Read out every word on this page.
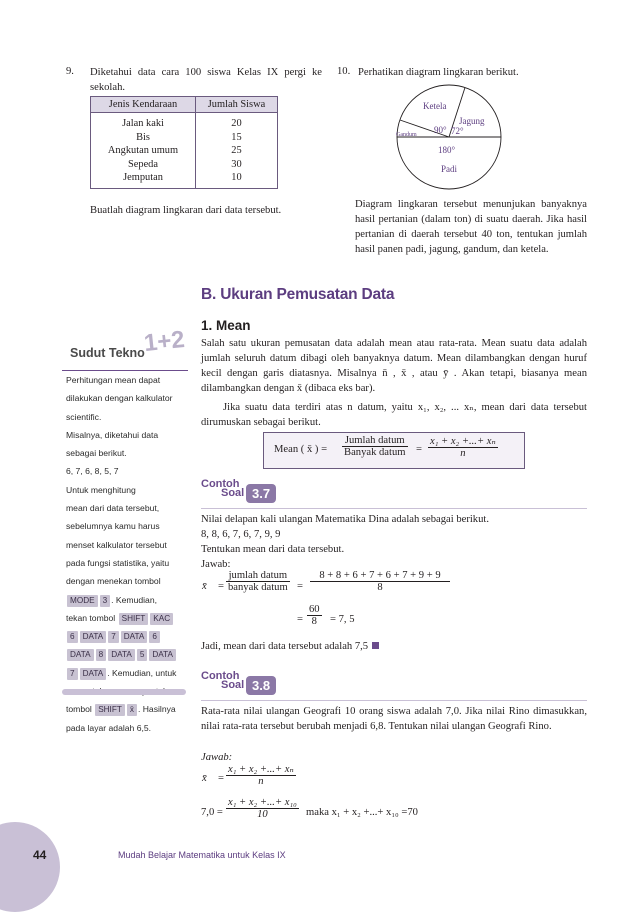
9. Diketahui data cara 100 siswa Kelas IX pergi ke sekolah.
Jenis Kendaraan	Jumlah Siswa
Jalan kaki	20
Bis	15
Angkutan umum	25
Sepeda	30
Jemputan	10
Buatlah diagram lingkaran dari data tersebut.
10. Perhatikan diagram lingkaran berikut.
Ketela
Jagung
Gandum 90° 72°
180°
Padi
Diagram lingkaran tersebut menunjukan banyaknya hasil pertanian (dalam ton) di suatu daerah. Jika hasil pertanian di daerah tersebut 40 ton, tentukan jumlah hasil panen padi, jagung, gandum, dan ketela.
B. Ukuran Pemusatan Data
1. Mean
Salah satu ukuran pemusatan data adalah mean atau rata-rata. Mean suatu data adalah jumlah seluruh datum dibagi oleh banyaknya datum. Mean dilambangkan dengan huruf kecil dengan garis diatasnya. Misalnya n̄ , x̄ , atau ȳ . Akan tetapi, biasanya mean dilambangkan dengan x̄ (dibaca eks bar).
Jika suatu data terdiri atas n datum, yaitu x₁, x₂, ... xₙ, mean dari data tersebut dirumuskan sebagai berikut.
Mean ( x̄ ) =
Jumlah datum
Banyak datum = $\frac{\text{x₁ + x₂ +...+ xₙ}}{n}$
Sudut Tekno
1+2
Perhitungan mean dapat
dilakukan dengan kalkulator
scientific.
Misalnya, diketahui data
sebagai berikut.
6, 7, 6, 8, 5, 7
Untuk menghitung
mean dari data tersebut,
sebelumnya kamu harus
menset kalkulator tersebut
pada fungsi statistika, yaitu
dengan menekan tombol
MODE 3 . Kemudian,
tekan tombol SHIFT KAC
6 DATA 7 DATA 6
DATA 8 DATA 5 DATA
7 DATA . Kemudian, untuk
tombol SHIFT x̄ . Hasilnya
pada layar adalah 6,5.
Contoh
Soal 3.7
Nilai delapan kali ulangan Matematika Dina adalah sebagai berikut.
8, 8, 6, 7, 6, 7, 9, 9
Tentukan mean dari data tersebut.
Jawab:
x̄ =
jumlah datum
banyak datum =
8 + 8 + 6 + 7 + 6 + 7 + 9 + 9
8
= $\frac{60}{8} = 7$, 5
Jadi, mean dari data tersebut adalah 7,5
Contoh
Soal 3.8
Rata-rata nilai ulangan Geografi 10 orang siswa adalah 7,0. Jika nilai Rino dimasukkan, nilai rata-rata tersebut berubah menjadi 6,8. Tentukan nilai ulangan Geografi Rino.
Jawab:
x̄ = $\frac{\text{x₁ + x₂ +...+ xₙ}}{n}$
$7,0 = \frac{\text{x₁ + x₂ +...+ x₁₀}}{10}$ maka x₁ + x₂ +...+ x₁₀ =70
44	Mudah Belajar Matematika untuk Kelas IX
